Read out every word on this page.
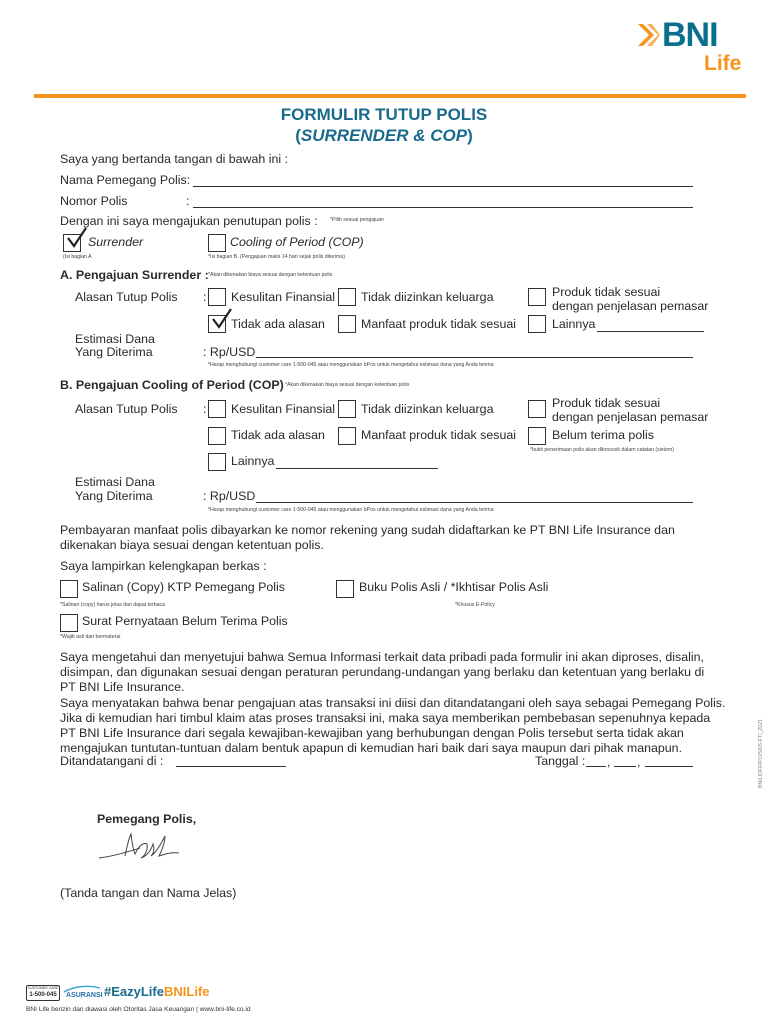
BNI
Life
FORMULIR TUTUP POLIS
(SURRENDER & COP)
Saya yang bertanda tangan di bawah ini :
Nama Pemegang Polis:
Nomor Polis	:
Dengan ini saya mengajukan penutupan polis : *Pilih sesuai pengajuan
Surrender
(Isi bagian A
Cooling of Period (COP)
*Isi bagian B. (Pengajuan maks 14 hari sejak polis diterima)
A. Pengajuan Surrender : *Akan dikenakan biaya sesuai dengan ketentuan polis
Alasan Tutup Polis : Kesulitan Finansial Tidak diizinkan keluarga	Produk tidak sesuai
dengan penjelasan pemasar
Tidak ada alasan	Manfaat produk tidak sesuai	Lainnya
Estimasi Dana
Yang Diterima	: Rp/USD
*Harap menghubungi customer care 1-500-045 atau menggunakan bPos untuk mengetahui estimasi dana yang Anda terima
B. Pengajuan Cooling of Period (COP) *Akan dikenakan biaya sesuai dengan ketentuan polis
Alasan Tutup Polis : Kesulitan Finansial Tidak diizinkan keluarga	Produk tidak sesuai
dengan penjelasan pemasar
Tidak ada alasan	Manfaat produk tidak sesuai	Belum terima polis
*bukti penerimaan polis akan dikroscek dalam catatan (sistem)
Lainnya
Estimasi Dana
Yang Diterima	: Rp/USD
*Harap menghubungi customer care 1-500-045 atau menggunakan bPos untuk mengetahui estimasi dana yang Anda terima
Pembayaran manfaat polis dibayarkan ke nomor rekening yang sudah didaftarkan ke PT BNI Life Insurance dan
dikenakan biaya sesuai dengan ketentuan polis.
Saya lampirkan kelengkapan berkas :
Salinan (Copy) KTP Pemegang Polis
*Salinan (copy) harus jelas dan dapat terbaca
Buku Polis Asli / *Ikhtisar Polis Asli
*Khusus E-Policy
Surat Pernyataan Belum Terima Polis
*Wajib asli dan bermaterai
Saya mengetahui dan menyetujui bahwa Semua Informasi terkait data pribadi pada formulir ini akan diproses, disalin,
disimpan, dan digunakan sesuai dengan peraturan perundang-undangan yang berlaku dan ketentuan yang berlaku di
PT BNI Life Insurance.
Saya menyatakan bahwa benar pengajuan atas transaksi ini diisi dan ditandatangani oleh saya sebagai Pemegang Polis.
Jika di kemudian hari timbul klaim atas proses transaksi ini, maka saya memberikan pembebasan sepenuhnya kepada
PT BNI Life Insurance dari segala kewajiban-kewajiban yang berhubungan dengan Polis tersebut serta tidak akan
mengajukan tuntutan-tuntuan dalam bentuk apapun di kemudian hari baik dari saya maupun dari pihak manapun.
Ditandatangani di :	Tanggal : , ,	BNILIOFR/PO/SNS-FT/_2021
Pemegang Polis,
(Tanda tangan dan Nama Jelas)
CUSTOMER CARE
1-500-045	ASURANSI #EazyLifeBNILife
BNI Life berizin dan diawasi oleh Otoritas Jasa Keuangan | www.bni-life.co.id
